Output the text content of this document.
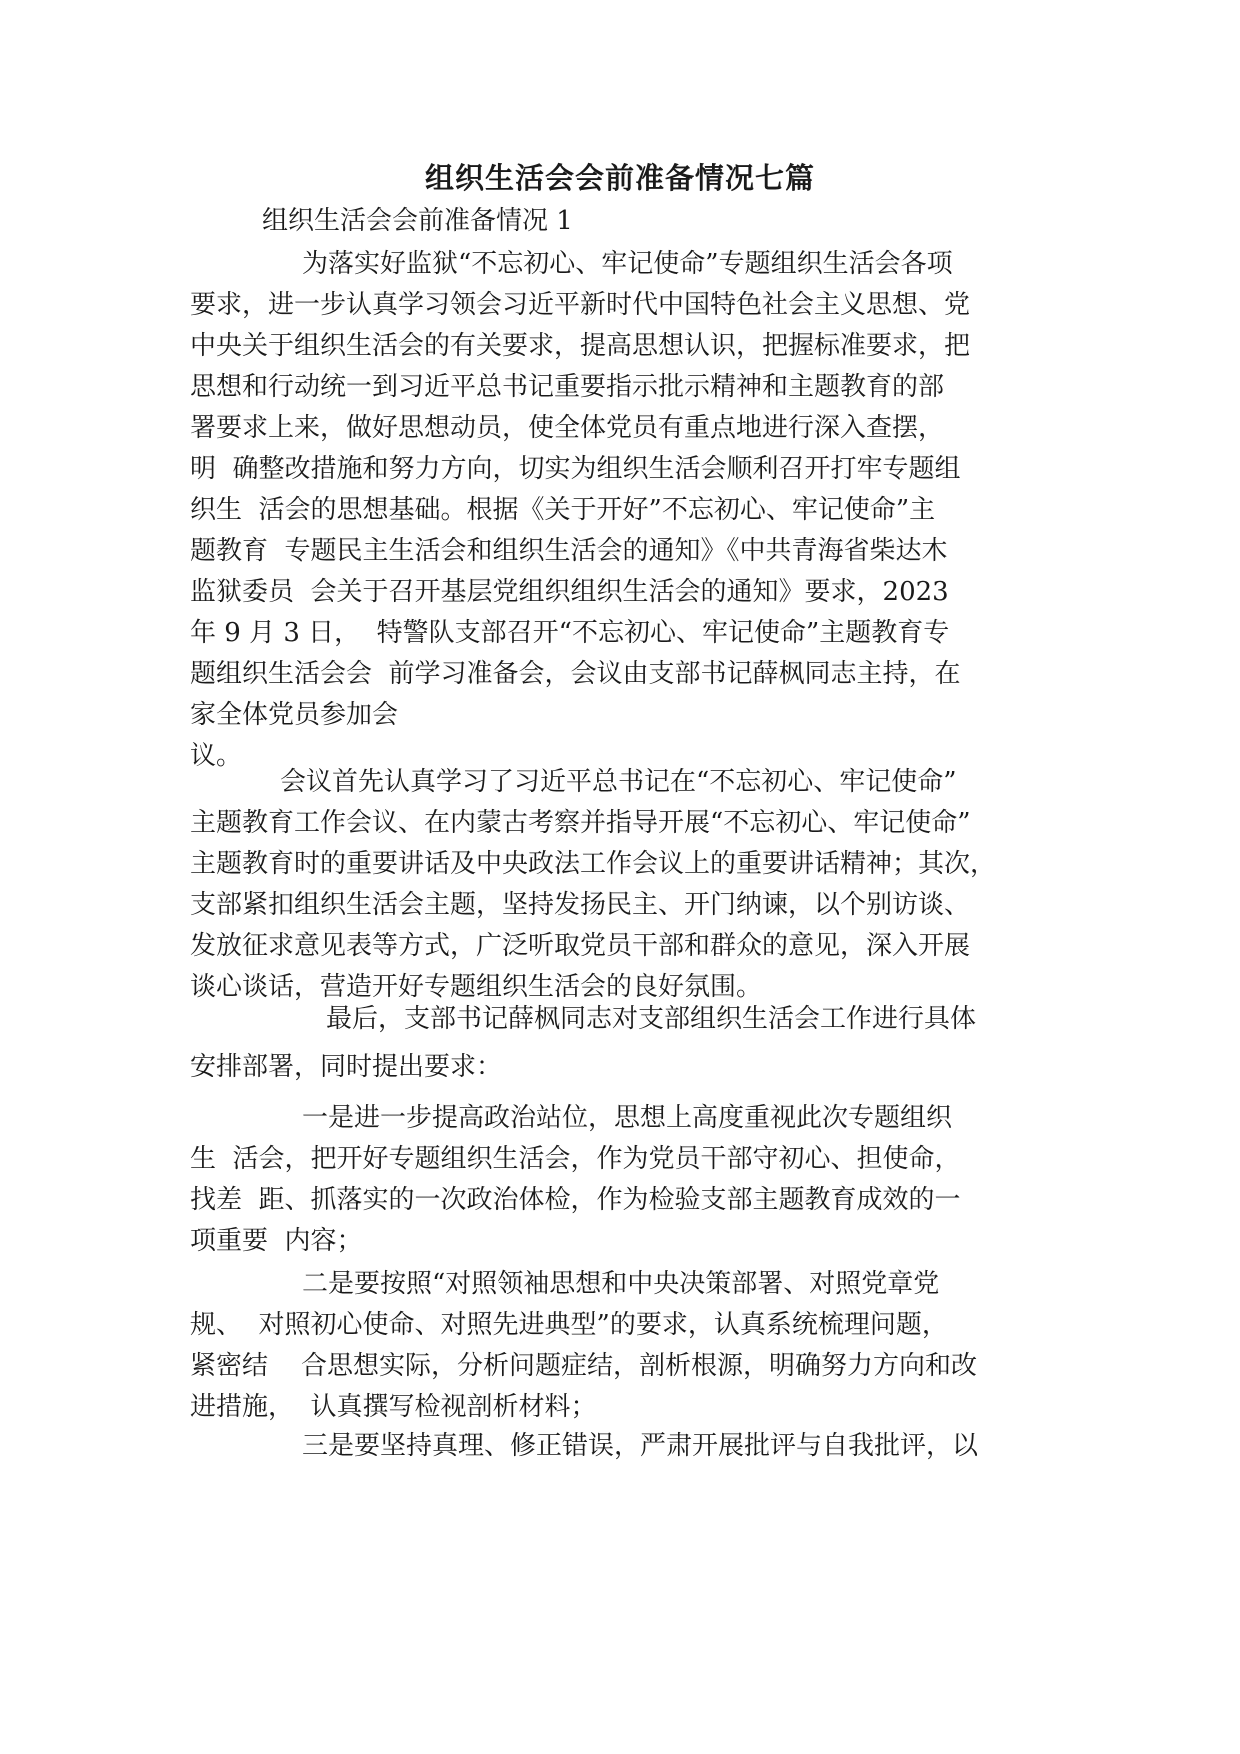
组织生活会会前准备情况七篇
组织生活会会前准备情况 1
为落实好监狱“不忘初心、牢记使命”专题组织生活会各项
要求，进一步认真学习领会习近平新时代中国特色社会主义思想、党
中央关于组织生活会的有关要求，提高思想认识，把握标准要求，把
思想和行动统一到习近平总书记重要指示批示精神和主题教育的部
署要求上来，做好思想动员，使全体党员有重点地进行深入查摆，
明  确整改措施和努力方向，切实为组织生活会顺利召开打牢专题组
织生  活会的思想基础。根据《关于开好”不忘初心、牢记使命”主
题教育  专题民主生活会和组织生活会的通知》《中共青海省柴达木
监狱委员  会关于召开基层党组织组织生活会的通知》要求，2023
年 9 月 3 日，  特警队支部召开“不忘初心、牢记使命”主题教育专
题组织生活会会  前学习准备会，会议由支部书记薛枫同志主持，在
家全体党员参加会
议。
会议首先认真学习了习近平总书记在“不忘初心、牢记使命”
主题教育工作会议、在内蒙古考察并指导开展“不忘初心、牢记使命”
主题教育时的重要讲话及中央政法工作会议上的重要讲话精神；其次，
支部紧扣组织生活会主题，坚持发扬民主、开门纳谏，以个别访谈、
发放征求意见表等方式，广泛听取党员干部和群众的意见，深入开展
谈心谈话，营造开好专题组织生活会的良好氛围。
最后，支部书记薛枫同志对支部组织生活会工作进行具体
安排部署，同时提出要求：
一是进一步提高政治站位，思想上高度重视此次专题组织
生  活会，把开好专题组织生活会，作为党员干部守初心、担使命，
找差  距、抓落实的一次政治体检，作为检验支部主题教育成效的一
项重要  内容；
二是要按照“对照领袖思想和中央决策部署、对照党章党
规、  对照初心使命、对照先进典型”的要求，认真系统梳理问题，
紧密结    合思想实际，分析问题症结，剖析根源，明确努力方向和改
进措施，  认真撰写检视剖析材料；
三是要坚持真理、修正错误，严肃开展批评与自我批评，以
